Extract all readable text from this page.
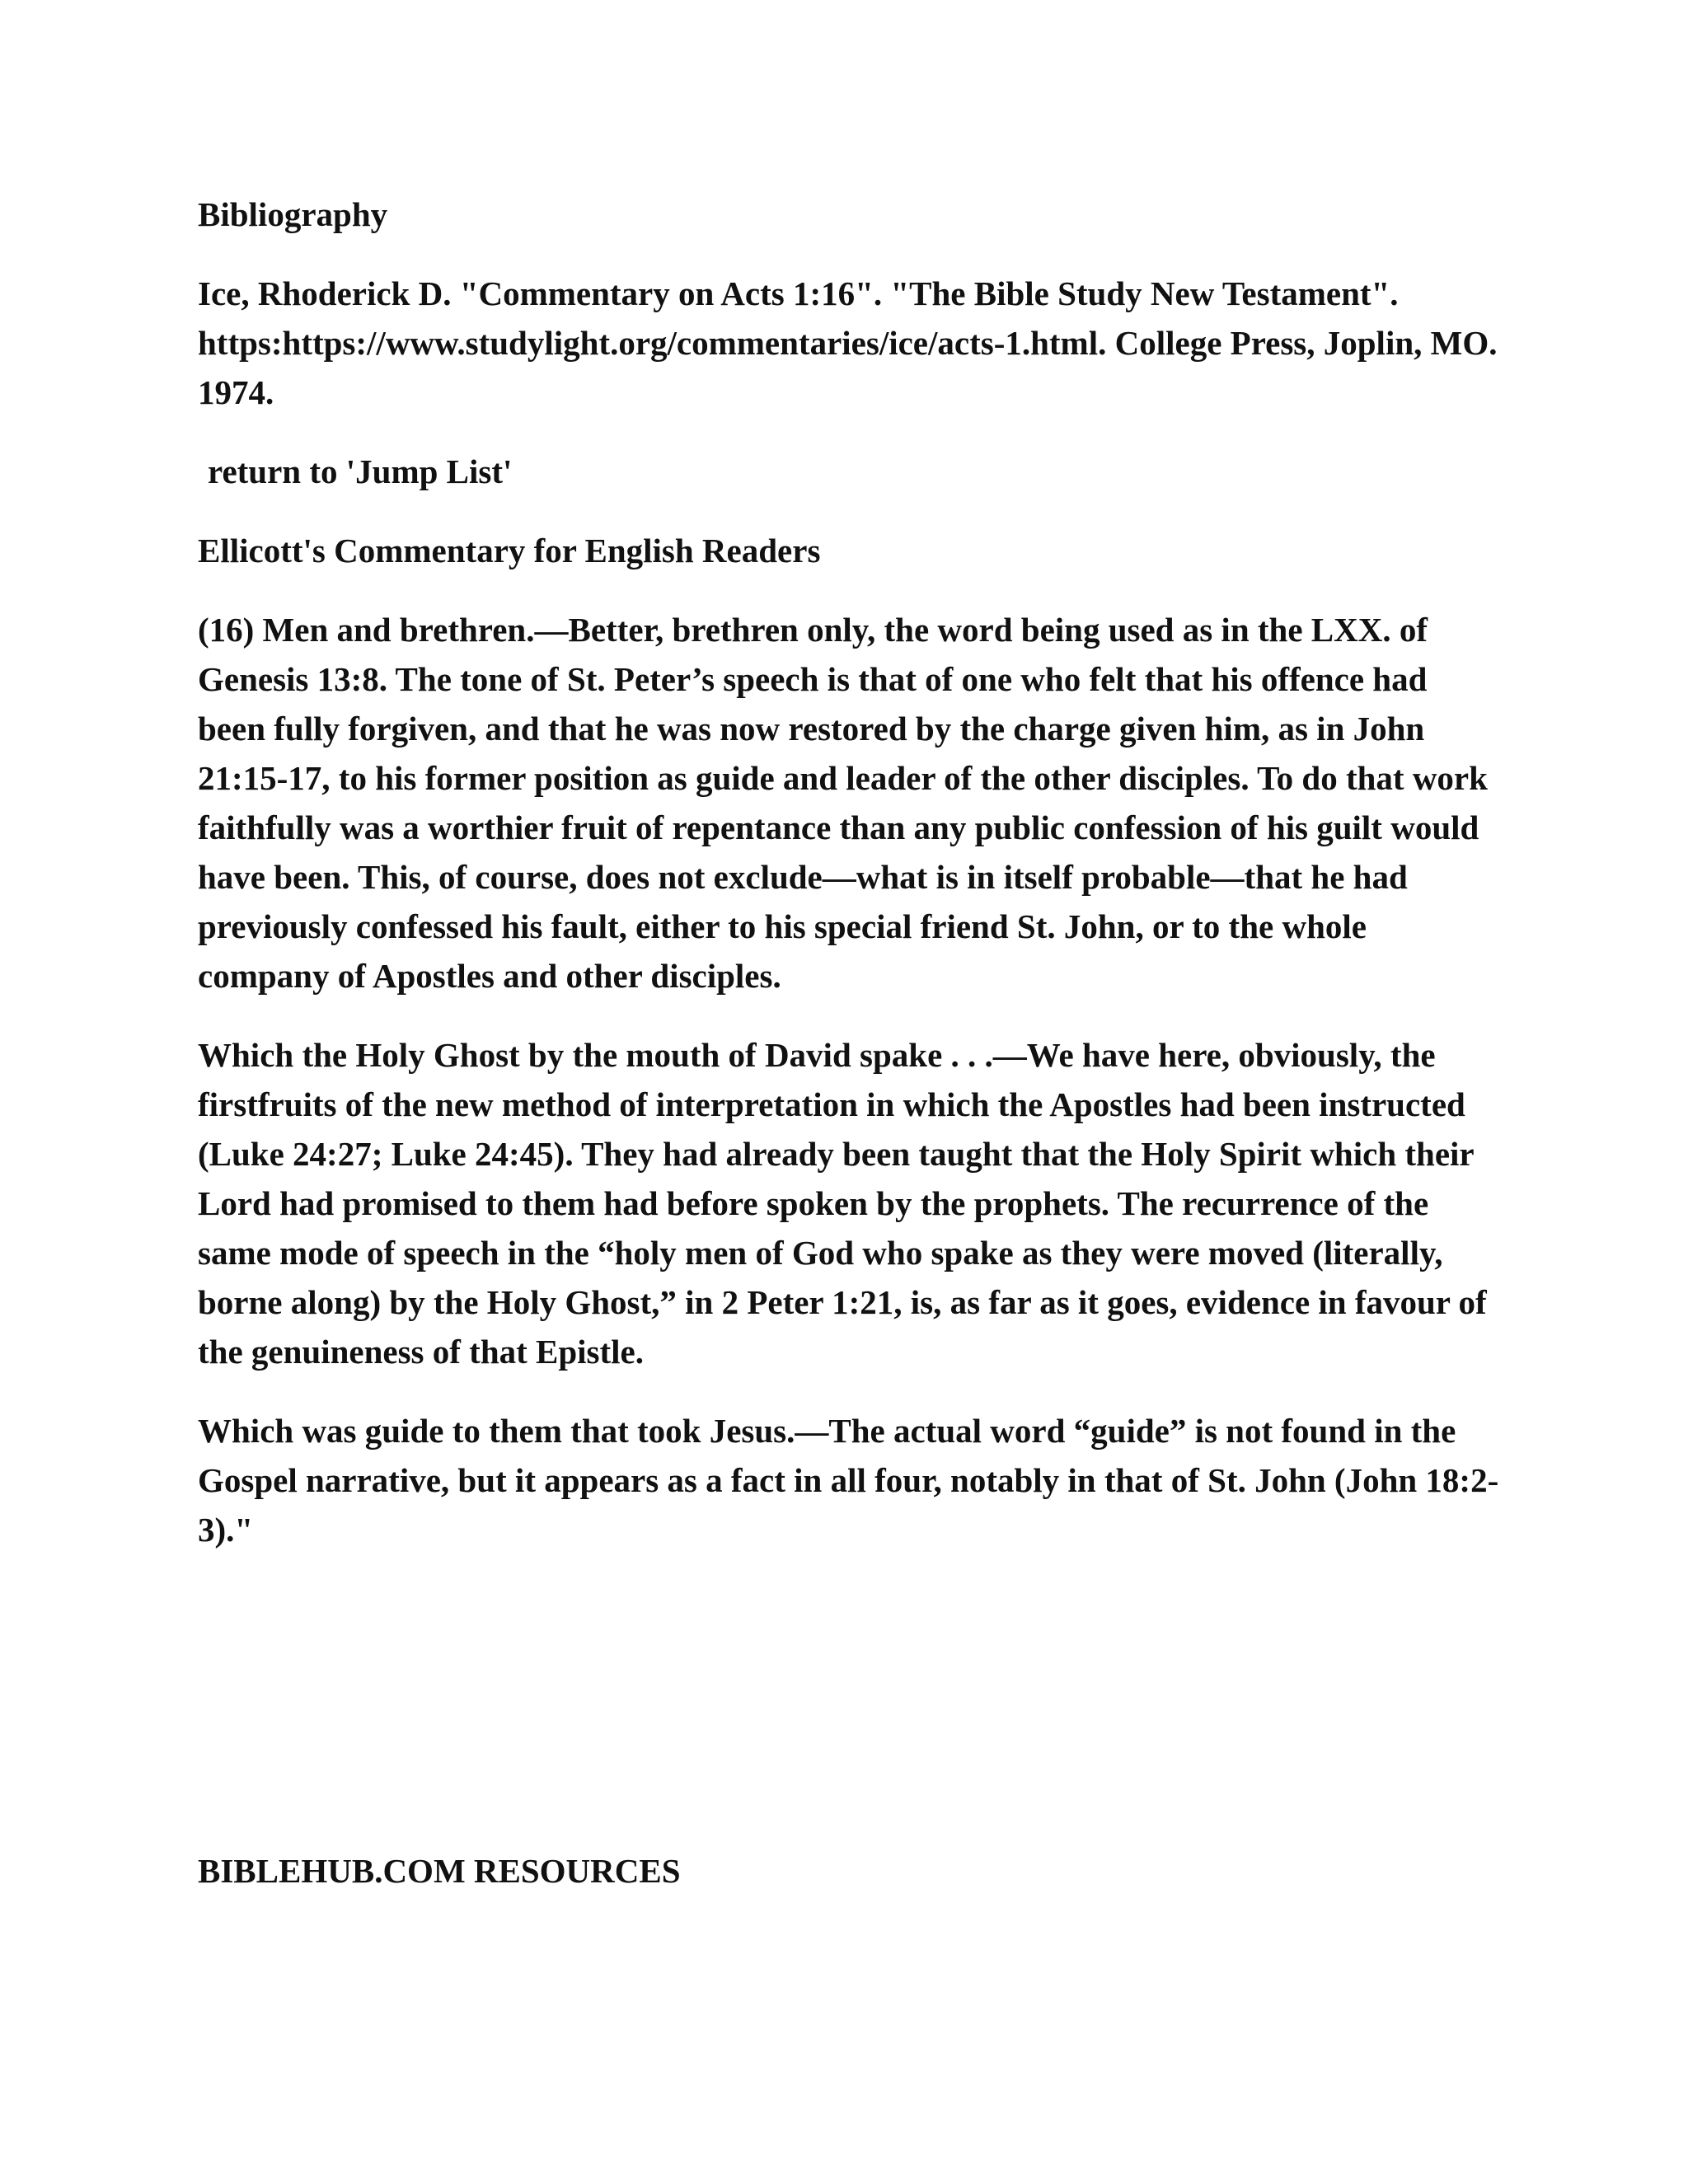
Bibliography

Ice, Rhoderick D. "Commentary on Acts 1:16". "The Bible Study New Testament". https:https://www.studylight.org/commentaries/ice/acts-1.html. College Press, Joplin, MO. 1974.

return to 'Jump List'

Ellicott's Commentary for English Readers

(16) Men and brethren.—Better, brethren only, the word being used as in the LXX. of Genesis 13:8. The tone of St. Peter’s speech is that of one who felt that his offence had been fully forgiven, and that he was now restored by the charge given him, as in John 21:15-17, to his former position as guide and leader of the other disciples. To do that work faithfully was a worthier fruit of repentance than any public confession of his guilt would have been. This, of course, does not exclude—what is in itself probable—that he had previously confessed his fault, either to his special friend St. John, or to the whole company of Apostles and other disciples.

Which the Holy Ghost by the mouth of David spake . . .—We have here, obviously, the firstfruits of the new method of interpretation in which the Apostles had been instructed (Luke 24:27; Luke 24:45). They had already been taught that the Holy Spirit which their Lord had promised to them had before spoken by the prophets. The recurrence of the same mode of speech in the “holy men of God who spake as they were moved (literally, borne along) by the Holy Ghost,” in 2 Peter 1:21, is, as far as it goes, evidence in favour of the genuineness of that Epistle.

Which was guide to them that took Jesus.—The actual word “guide” is not found in the Gospel narrative, but it appears as a fact in all four, notably in that of St. John (John 18:2-3)."

BIBLEHUB.COM RESOURCES
